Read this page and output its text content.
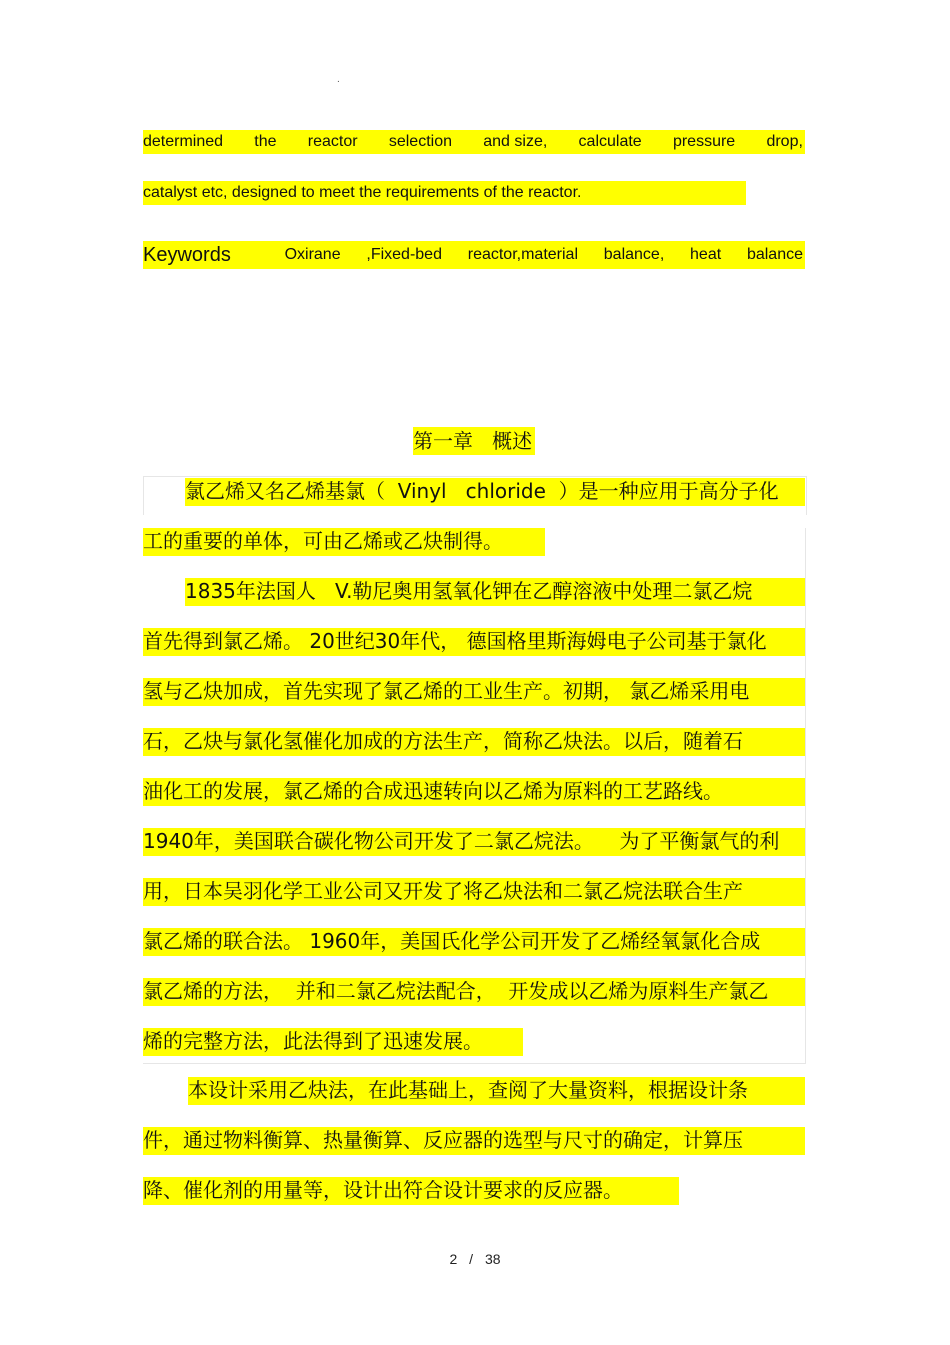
.
determined the reactor selection and size, calculate pressure drop,
catalyst etc, designed to meet the requirements of the reactor.
Keywords	Oxirane ,Fixed-bed reactor,material balance, heat balance
第一章   概述
氯乙烯又名乙烯基氯（  Vinyl   chloride  ）是一种应用于高分子化
工的重要的单体，可由乙烯或乙炔制得。
1835年法国人   V.勒尼奥用氢氧化钾在乙醇溶液中处理二氯乙烷
首先得到氯乙烯。 20世纪30年代， 德国格里斯海姆电子公司基于氯化
氢与乙炔加成，首先实现了氯乙烯的工业生产。初期， 氯乙烯采用电
石，乙炔与氯化氢催化加成的方法生产，简称乙炔法。以后，随着石
油化工的发展，氯乙烯的合成迅速转向以乙烯为原料的工艺路线。
1940年，美国联合碳化物公司开发了二氯乙烷法。    为了平衡氯气的利
用，日本吴羽化学工业公司又开发了将乙炔法和二氯乙烷法联合生产
氯乙烯的联合法。 1960年，美国氏化学公司开发了乙烯经氧氯化合成
氯乙烯的方法，  并和二氯乙烷法配合，  开发成以乙烯为原料生产氯乙
烯的完整方法，此法得到了迅速发展。
本设计采用乙炔法，在此基础上，查阅了大量资料，根据设计条
件，通过物料衡算、热量衡算、反应器的选型与尺寸的确定，计算压
降、催化剂的用量等，设计出符合设计要求的反应器。
2 / 38
